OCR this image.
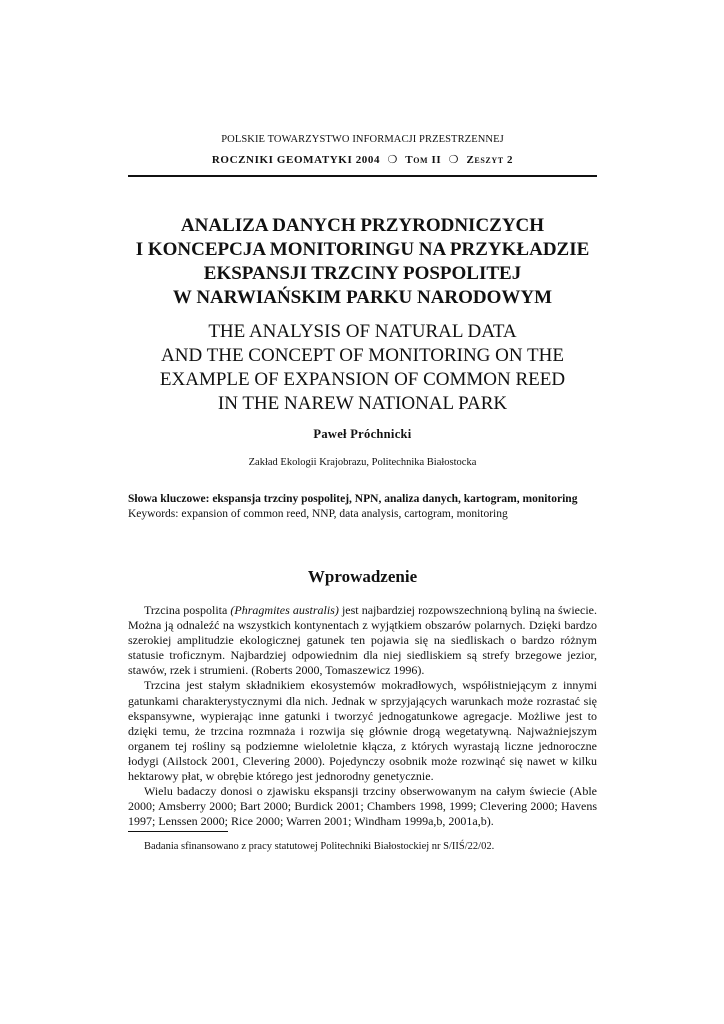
POLSKIE TOWARZYSTWO INFORMACJI PRZESTRZENNEJ
ROCZNIKI GEOMATYKI 2004 ❍ Tom II ❍ Zeszyt 2
ANALIZA DANYCH PRZYRODNICZYCH
I KONCEPCJA MONITORINGU NA PRZYKŁADZIE
EKSPANSJI TRZCINY POSPOLITEJ
W NARWIAŃSKIM PARKU NARODOWYM
THE ANALYSIS OF NATURAL DATA
AND THE CONCEPT OF MONITORING ON THE
EXAMPLE OF EXPANSION OF COMMON REED
IN THE NAREW NATIONAL PARK
Paweł Próchnicki
Zakład Ekologii Krajobrazu, Politechnika Białostocka
Słowa kluczowe: ekspansja trzciny pospolitej, NPN, analiza danych, kartogram, monitoring
Keywords: expansion of common reed, NNP, data analysis, cartogram, monitoring
Wprowadzenie

Trzcina pospolita (Phragmites australis) jest najbardziej rozpowszechnioną byliną na świecie. Można ją odnaleźć na wszystkich kontynentach z wyjątkiem obszarów polarnych. Dzięki bardzo szerokiej amplitudzie ekologicznej gatunek ten pojawia się na siedliskach o bardzo różnym statusie troficznym. Najbardziej odpowiednim dla niej siedliskiem są strefy brzegowe jezior, stawów, rzek i strumieni. (Roberts 2000, Tomaszewicz 1996).

Trzcina jest stałym składnikiem ekosystemów mokradłowych, współistniejącym z innymi gatunkami charakterystycznymi dla nich. Jednak w sprzyjających warunkach może rozrastać się ekspansywne, wypierając inne gatunki i tworzyć jednogatunkowe agregacje. Możliwe jest to dzięki temu, że trzcina rozmnaża i rozwija się głównie drogą wegetatywną. Najważniejszym organem tej rośliny są podziemne wieloletnie kłącza, z których wyrastają liczne jednoroczne łodygi (Ailstock 2001, Clevering 2000). Pojedynczy osobnik może rozwinąć się nawet w kilku hektarowy płat, w obrębie którego jest jednorodny genetycznie.

Wielu badaczy donosi o zjawisku ekspansji trzciny obserwowanym na całym świecie (Able 2000; Amsberry 2000; Bart 2000; Burdick 2001; Chambers 1998, 1999; Clevering 2000; Havens 1997; Lenssen 2000; Rice 2000; Warren 2001; Windham 1999a,b, 2001a,b).

Badania sfinansowano z pracy statutowej Politechniki Białostockiej nr S/IIŚ/22/02.
